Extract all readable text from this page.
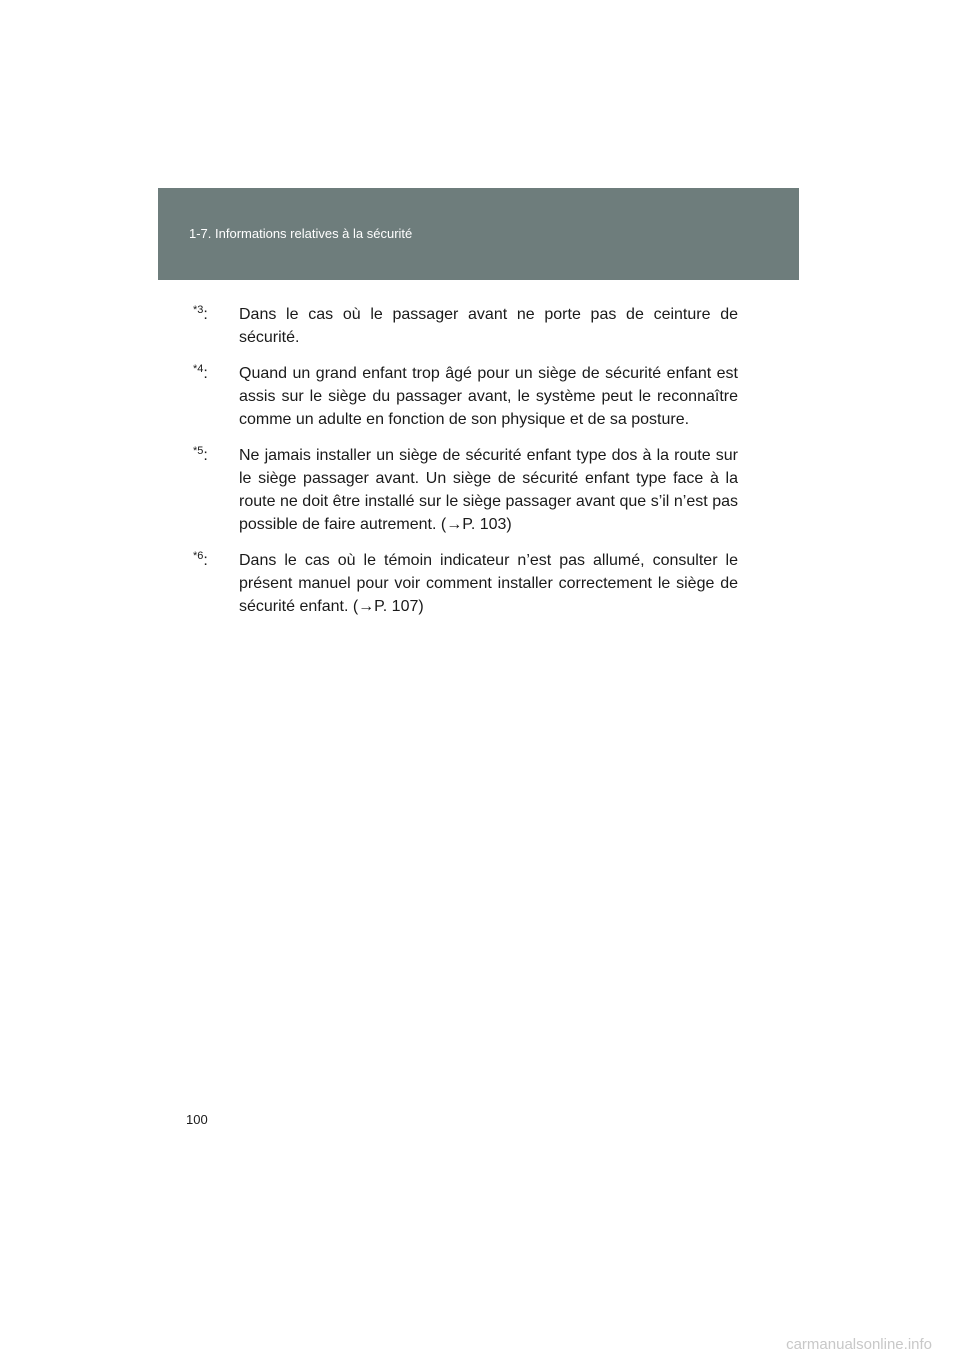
1-7. Informations relatives à la sécurité
$^{*3}$: Dans le cas où le passager avant ne porte pas de ceinture de sécurité.
$^{*4}$: Quand un grand enfant trop âgé pour un siège de sécurité enfant est assis sur le siège du passager avant, le système peut le reconnaître comme un adulte en fonction de son physique et de sa posture.
$^{*5}$: Ne jamais installer un siège de sécurité enfant type dos à la route sur le siège passager avant. Un siège de sécurité enfant type face à la route ne doit être installé sur le siège passager avant que s’il n’est pas possible de faire autrement. (→P. 103)
$^{*6}$: Dans le cas où le témoin indicateur n’est pas allumé, consulter le présent manuel pour voir comment installer correctement le siège de sécurité enfant. (→P. 107)
100
carmanualsonline.info
